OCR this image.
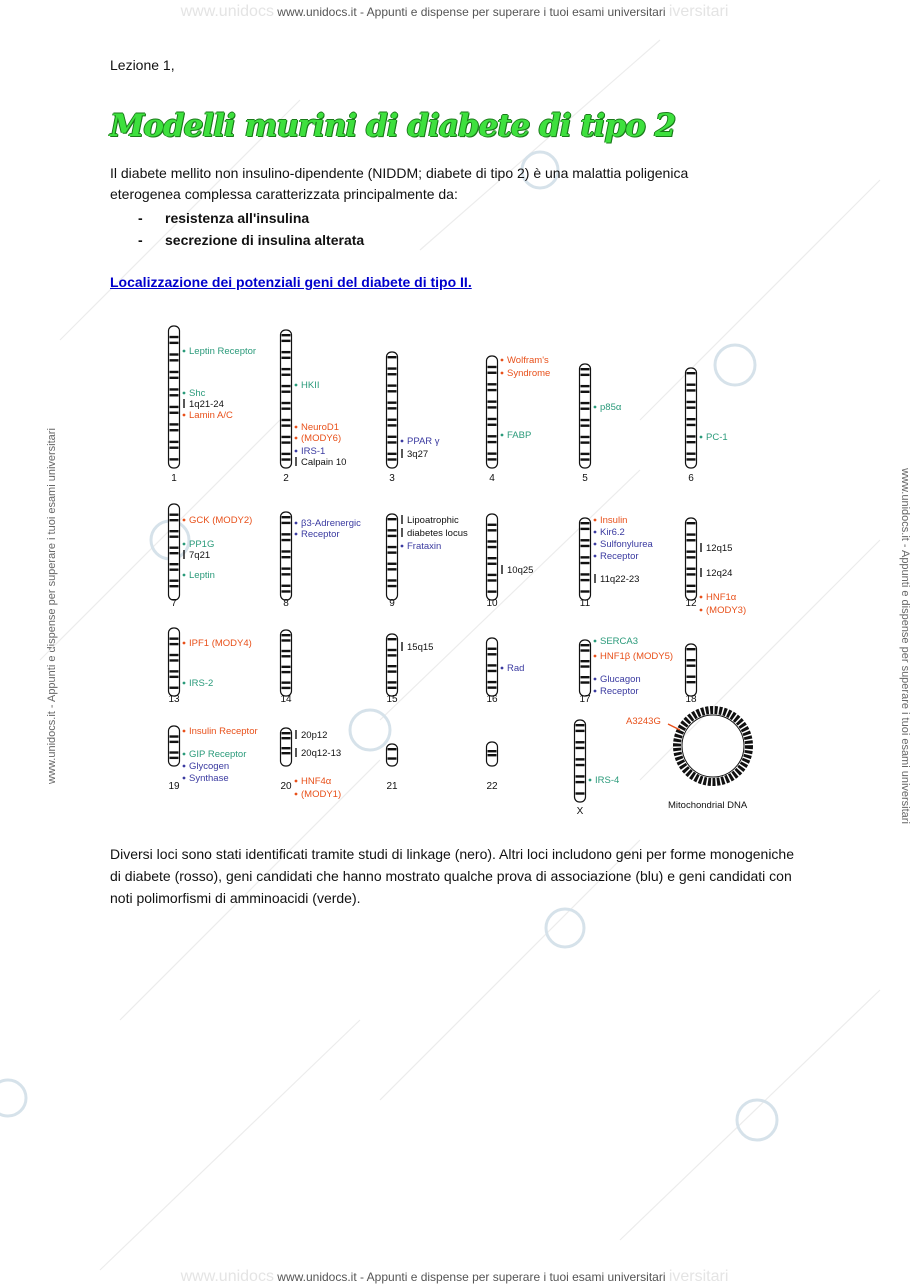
www.unidocs www.unidocs.it - Appunti e dispense per superare i tuoi esami universitari iversitari
www.unidocs www.unidocs.it - Appunti e dispense per superare i tuoi esami universitari iversitari
www.unidocs.it - Appunti e dispense per superare i tuoi esami universitari	www.unidocs.it - Appunti e dispense per superare i tuoi esami universitari
Lezione 1,
Modelli murini di diabete di tipo 2
Il diabete mellito non insulino-dipendente (NIDDM; diabete di tipo 2) è una malattia poligenica eterogenea complessa caratterizzata principalmente da:
- resistenza all'insulina
- secrezione di insulina alterata
Localizzazione dei potenziali geni del diabete di tipo II.
1
Leptin Receptor
Shc
1q21-24
Lamin A/C
2
HKII
NeuroD1
(MODY6)
IRS-1
Calpain 10
3
PPAR γ
3q27
4
Wolfram's
Syndrome
FABP
5
p85α
6
PC-1
7
GCK (MODY2)
PP1G
7q21
Leptin
8
β3-Adrenergic
Receptor
9
Lipoatrophic
diabetes locus
Frataxin
10
10q25
11
Insulin
Kir6.2
Sulfonylurea
Receptor
11q22-23
12
12q15
12q24
HNF1α
(MODY3)
13
IPF1 (MODY4)
IRS-2
14	15
15q15
16
Rad
17
SERCA3
HNF1β (MODY5)
Glucagon
Receptor
18
19
Insulin Receptor
GIP Receptor
Glycogen
Synthase
20
20p12
20q12-13
HNF4α
(MODY1)
21	22
X
IRS-4
A3243G
Mitochondrial DNA
Diversi loci sono stati identificati tramite studi di linkage (nero). Altri loci includono geni per forme monogeniche di diabete (rosso), geni candidati che hanno mostrato qualche prova di associazione (blu) e geni candidati con noti polimorfismi di amminoacidi (verde).
